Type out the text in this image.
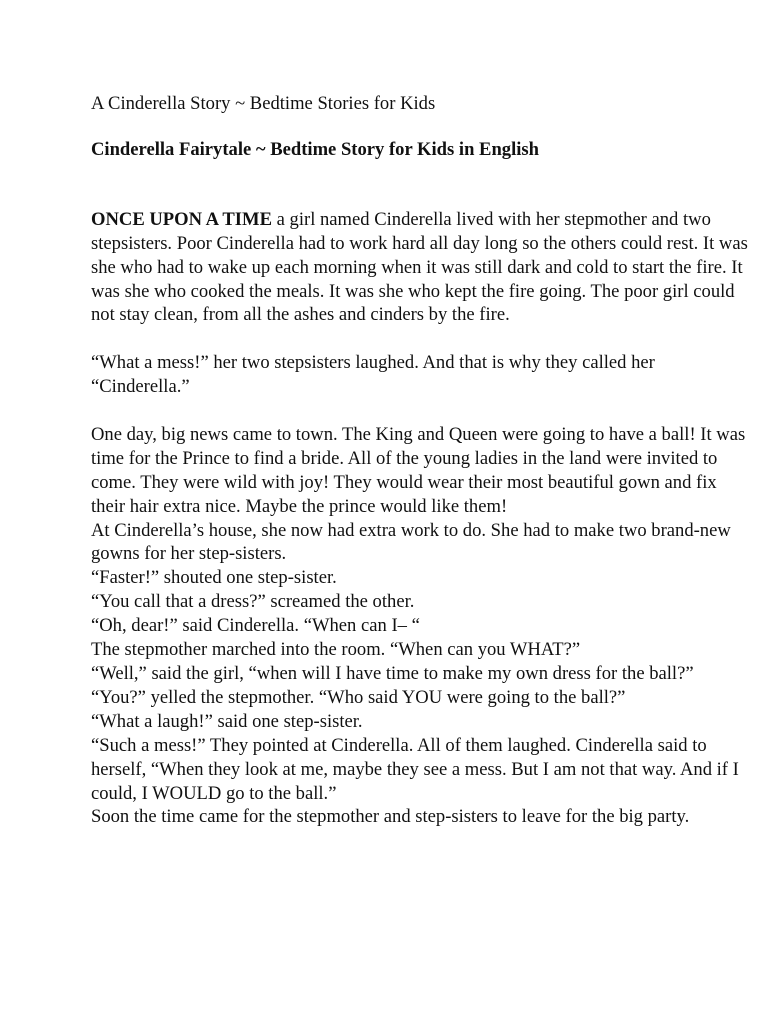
A Cinderella Story ~ Bedtime Stories for Kids

Cinderella Fairytale ~ Bedtime Story for Kids in English

ONCE UPON A TIME a girl named Cinderella lived with her stepmother and two stepsisters. Poor Cinderella had to work hard all day long so the others could rest. It was she who had to wake up each morning when it was still dark and cold to start the fire. It was she who cooked the meals. It was she who kept the fire going. The poor girl could not stay clean, from all the ashes and cinders by the fire.

“What a mess!” her two stepsisters laughed. And that is why they called her “Cinderella.”

One day, big news came to town. The King and Queen were going to have a ball! It was time for the Prince to find a bride. All of the young ladies in the land were invited to come. They were wild with joy! They would wear their most beautiful gown and fix their hair extra nice. Maybe the prince would like them!

At Cinderella’s house, she now had extra work to do. She had to make two brand-new gowns for her step-sisters.

“Faster!” shouted one step-sister.

“You call that a dress?” screamed the other.

“Oh, dear!” said Cinderella. “When can I– “

The stepmother marched into the room. “When can you WHAT?”

“Well,” said the girl, “when will I have time to make my own dress for the ball?”

“You?” yelled the stepmother. “Who said YOU were going to the ball?”

“What a laugh!” said one step-sister.

“Such a mess!” They pointed at Cinderella. All of them laughed. Cinderella said to herself, “When they look at me, maybe they see a mess. But I am not that way. And if I could, I WOULD go to the ball.”

Soon the time came for the stepmother and step-sisters to leave for the big party.
